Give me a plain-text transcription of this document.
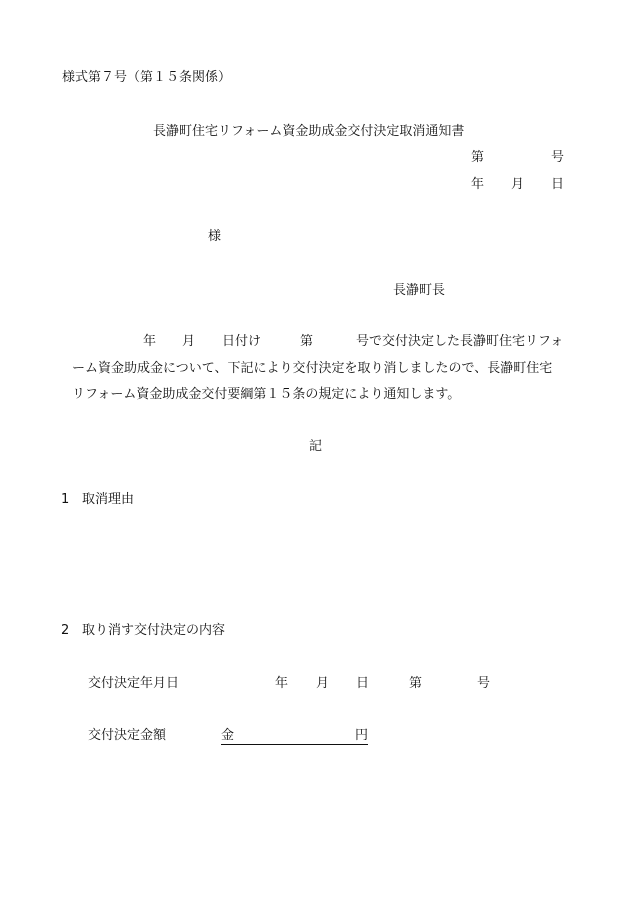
様式第７号（第１５条関係）
長瀞町住宅リフォーム資金助成金交付決定取消通知書
第	号
年 月 日
様
長瀞町長
年 月 日付け	第	号で交付決定した長瀞町住宅リフォ
ーム資金助成金について、下記により交付決定を取り消しましたので、長瀞町住宅
リフォーム資金助成金交付要綱第１５条の規定により通知します。
記
1 取消理由
2 取り消す交付決定の内容
交付決定年月日	年 月 日	第	号
交付決定金額	金	円
